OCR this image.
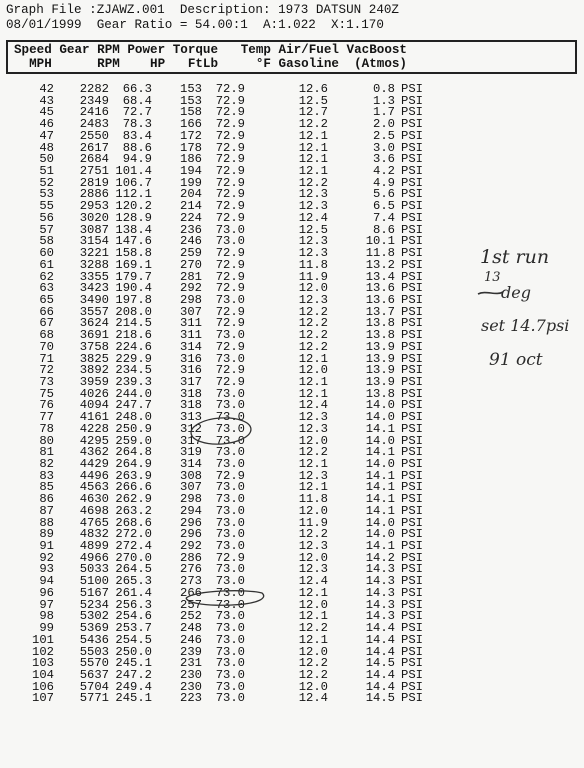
Graph File :ZJAWZ.001  Description: 1973 DATSUN 240Z
08/01/1999  Gear Ratio = 54.00:1  A:1.022  X:1.170
Speed Gear RPM Power Torque   Temp Air/Fuel VacBoost
MPH      RPM    HP   FtLb     °F Gasoline  (Atmos)
42	2282	66.3	153	72.9	12.6	0.8	PSI
43	2349	68.4	153	72.9	12.5	1.3	PSI
45	2416	72.7	158	72.9	12.7	1.7	PSI
46	2483	78.3	166	72.9	12.2	2.0	PSI
47	2550	83.4	172	72.9	12.1	2.5	PSI
48	2617	88.6	178	72.9	12.1	3.0	PSI
50	2684	94.9	186	72.9	12.1	3.6	PSI
51	2751	101.4	194	72.9	12.1	4.2	PSI
52	2819	106.7	199	72.9	12.2	4.9	PSI
53	2886	112.1	204	72.9	12.3	5.6	PSI
55	2953	120.2	214	72.9	12.3	6.5	PSI
56	3020	128.9	224	72.9	12.4	7.4	PSI
57	3087	138.4	236	73.0	12.5	8.6	PSI
58	3154	147.6	246	73.0	12.3	10.1	PSI
60	3221	158.8	259	72.9	12.3	11.8	PSI
61	3288	169.1	270	72.9	11.8	13.2	PSI
62	3355	179.7	281	72.9	11.9	13.4	PSI
63	3423	190.4	292	72.9	12.0	13.6	PSI
65	3490	197.8	298	73.0	12.3	13.6	PSI
66	3557	208.0	307	72.9	12.2	13.7	PSI
67	3624	214.5	311	72.9	12.2	13.8	PSI
68	3691	218.6	311	73.0	12.2	13.8	PSI
70	3758	224.6	314	72.9	12.2	13.9	PSI
71	3825	229.9	316	73.0	12.1	13.9	PSI
72	3892	234.5	316	72.9	12.0	13.9	PSI
73	3959	239.3	317	72.9	12.1	13.9	PSI
75	4026	244.0	318	73.0	12.1	13.8	PSI
76	4094	247.7	318	73.0	12.4	14.0	PSI
77	4161	248.0	313	73.0	12.3	14.0	PSI
78	4228	250.9	312	73.0	12.3	14.1	PSI
80	4295	259.0	317	73.0	12.0	14.0	PSI
81	4362	264.8	319	73.0	12.2	14.1	PSI
82	4429	264.9	314	73.0	12.1	14.0	PSI
83	4496	263.9	308	72.9	12.3	14.1	PSI
85	4563	266.6	307	73.0	12.1	14.1	PSI
86	4630	262.9	298	73.0	11.8	14.1	PSI
87	4698	263.2	294	73.0	12.0	14.1	PSI
88	4765	268.6	296	73.0	11.9	14.0	PSI
89	4832	272.0	296	73.0	12.2	14.0	PSI
91	4899	272.4	292	73.0	12.3	14.1	PSI
92	4966	270.0	286	72.9	12.0	14.2	PSI
93	5033	264.5	276	73.0	12.3	14.3	PSI
94	5100	265.3	273	73.0	12.4	14.3	PSI
96	5167	261.4	266	73.0	12.1	14.3	PSI
97	5234	256.3	257	73.0	12.0	14.3	PSI
98	5302	254.6	252	73.0	12.1	14.3	PSI
99	5369	253.7	248	73.0	12.2	14.4	PSI
101	5436	254.5	246	73.0	12.1	14.4	PSI
102	5503	250.0	239	73.0	12.0	14.4	PSI
103	5570	245.1	231	73.0	12.2	14.5	PSI
104	5637	247.2	230	73.0	12.2	14.4	PSI
106	5704	249.4	230	73.0	12.0	14.4	PSI
107	5771	245.1	223	73.0	12.4	14.5	PSI
1st run
13
deg
set 14.7psi
91 oct
